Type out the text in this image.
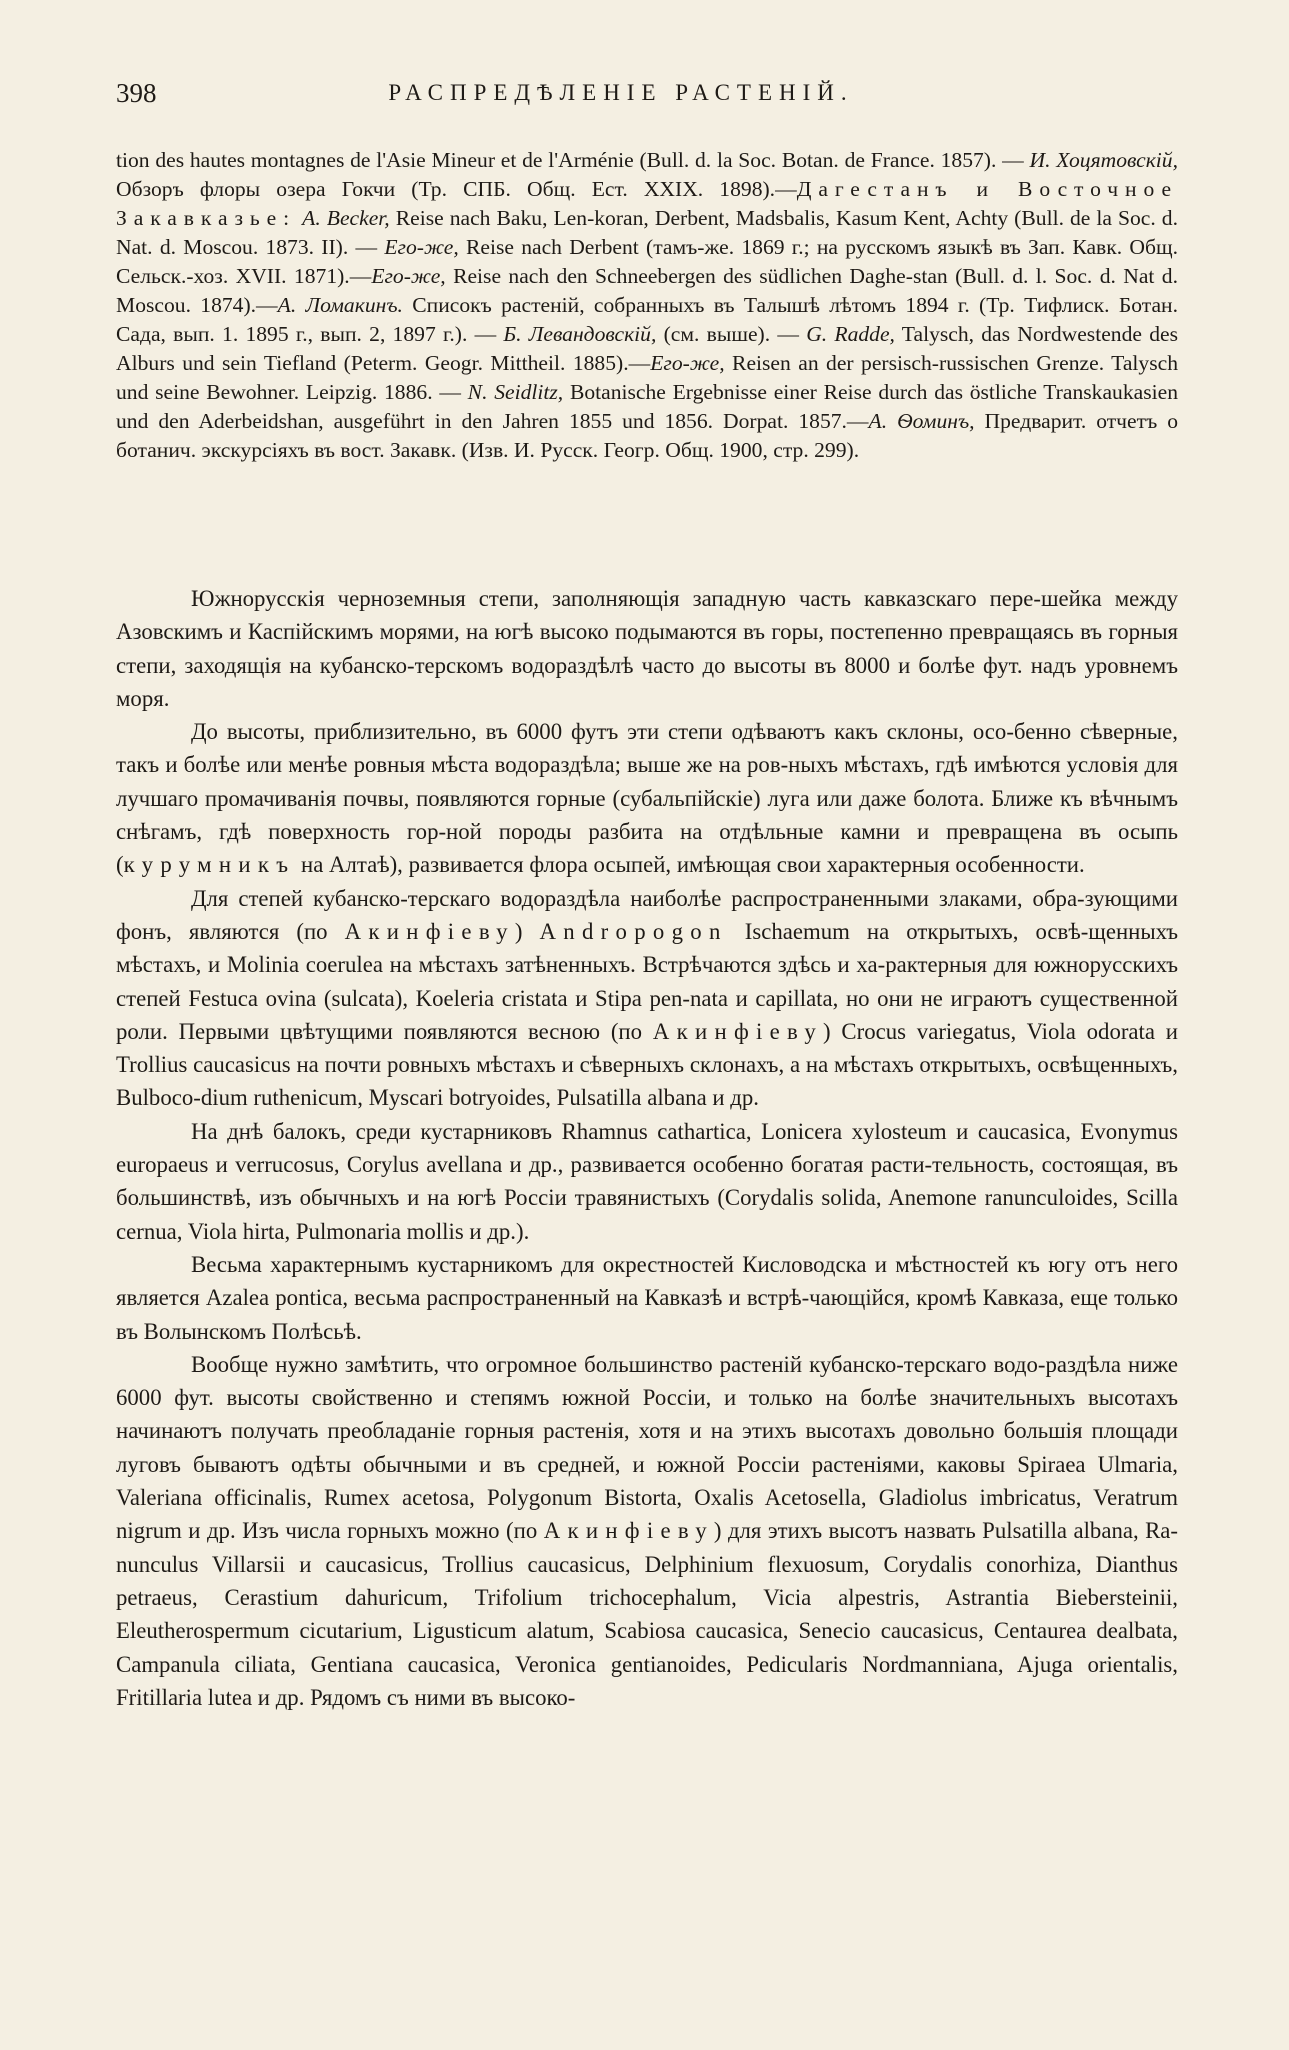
398	РАСПРЕДѢЛЕНІЕ РАСТЕНІЙ.
tion des hautes montagnes de l'Asie Mineur et de l'Arménie (Bull. d. la Soc. Botan. de France. 1857). — И. Хоцятовскій, Обзоръ флоры озера Гокчи (Тр. СПБ. Общ. Ест. XXIX. 1898).—Дагестанъ и Восточное Закавказье: А. Becker, Reise nach Baku, Len-koran, Derbent, Madsbalis, Kasum Kent, Achty (Bull. de la Soc. d. Nat. d. Moscou. 1873. II). — Его-же, Reise nach Derbent (тамъ-же. 1869 г.; на русскомъ языкѣ въ Зап. Кавк. Общ. Сельск.-хоз. XVII. 1871).—Его-же, Reise nach den Schneebergen des südlichen Daghe-stan (Bull. d. l. Soc. d. Nat d. Moscou. 1874).—А. Ломакинъ. Списокъ растеній, собранныхъ въ Талышѣ лѣтомъ 1894 г. (Тр. Тифлиск. Ботан. Сада, вып. 1. 1895 г., вып. 2, 1897 г.). — Б. Левандовскій, (см. выше). — G. Radde, Talysch, das Nordwestende des Alburs und sein Tiefland (Peterm. Geogr. Mittheil. 1885).—Его-же, Reisen an der persisch-russischen Grenze. Talysch und seine Bewohner. Leipzig. 1886. — N. Seidlitz, Botanische Ergebnisse einer Reise durch das östliche Transkaukasien und den Aderbeidshan, ausgeführt in den Jahren 1855 und 1856. Dorpat. 1857.—А. Ѳоминъ, Предварит. отчетъ о ботанич. экскурсіяхъ въ вост. Закавк. (Изв. И. Русск. Геогр. Общ. 1900, стр. 299).

Южнорусскія черноземныя степи, заполняющія западную часть кавказскаго пере-шейка между Азовскимъ и Каспійскимъ морями, на югѣ высоко подымаются въ горы, постепенно превращаясь въ горныя степи, заходящія на кубанско-терскомъ водораздѣлѣ часто до высоты въ 8000 и болѣе фут. надъ уровнемъ моря.

До высоты, приблизительно, въ 6000 футъ эти степи одѣваютъ какъ склоны, осо-бенно сѣверные, такъ и болѣе или менѣе ровныя мѣста водораздѣла; выше же на ров-ныхъ мѣстахъ, гдѣ имѣются условія для лучшаго промачиванія почвы, появляются горные (субальпійскіе) луга или даже болота. Ближе къ вѣчнымъ снѣгамъ, гдѣ поверхность гор-ной породы разбита на отдѣльные камни и превращена въ осыпь (курумникъ на Алтаѣ), развивается флора осыпей, имѣющая свои характерныя особенности.

Для степей кубанско-терскаго водораздѣла наиболѣе распространенными злаками, обра-зующими фонъ, являются (по Акинфіеву) Andropogon Ischaemum на открытыхъ, освѣ-щенныхъ мѣстахъ, и Molinia coerulea на мѣстахъ затѣненныхъ. Встрѣчаются здѣсь и ха-рактерныя для южнорусскихъ степей Festuca ovina (sulcata), Koeleria cristata и Stipa pen-nata и capillata, но они не играютъ существенной роли. Первыми цвѣтущими появляются весною (по Акинфіеву) Crocus variegatus, Viola odorata и Trollius caucasicus на почти ровныхъ мѣстахъ и сѣверныхъ склонахъ, а на мѣстахъ открытыхъ, освѣщенныхъ, Bulboco-dium ruthenicum, Myscari botryoides, Pulsatilla albana и др.

На днѣ балокъ, среди кустарниковъ Rhamnus cathartica, Lonicera xylosteum и caucasica, Evonymus europaeus и verrucosus, Corylus avellana и др., развивается особенно богатая расти-тельность, состоящая, въ большинствѣ, изъ обычныхъ и на югѣ Россіи травянистыхъ (Corydalis solida, Anemone ranunculoides, Scilla cernua, Viola hirta, Pulmonaria mollis и др.).

Весьма характернымъ кустарникомъ для окрестностей Кисловодска и мѣстностей къ югу отъ него является Azalea pontica, весьма распространенный на Кавказѣ и встрѣ-чающійся, кромѣ Кавказа, еще только въ Волынскомъ Полѣсьѣ.

Вообще нужно замѣтить, что огромное большинство растеній кубанско-терскаго водо-раздѣла ниже 6000 фут. высоты свойственно и степямъ южной Россіи, и только на болѣе значительныхъ высотахъ начинаютъ получать преобладаніе горныя растенія, хотя и на этихъ высотахъ довольно большія площади луговъ бываютъ одѣты обычными и въ средней, и южной Россіи растеніями, каковы Spiraea Ulmaria, Valeriana officinalis, Rumex acetosa, Polygonum Bistorta, Oxalis Acetosella, Gladiolus imbricatus, Veratrum nigrum и др. Изъ числа горныхъ можно (по Акинфіеву) для этихъ высотъ назвать Pulsatilla albana, Ra-nunculus Villarsii и caucasicus, Trollius caucasicus, Delphinium flexuosum, Corydalis conorhiza, Dianthus petraeus, Cerastium dahuricum, Trifolium trichocephalum, Vicia alpestris, Astrantia Biebersteinii, Eleutherospermum cicutarium, Ligusticum alatum, Scabiosa caucasica, Senecio caucasicus, Centaurea dealbata, Campanula ciliata, Gentiana caucasica, Veronica gentianoides, Pedicularis Nordmanniana, Ajuga orientalis, Fritillaria lutea и др. Рядомъ съ ними въ высоко-
